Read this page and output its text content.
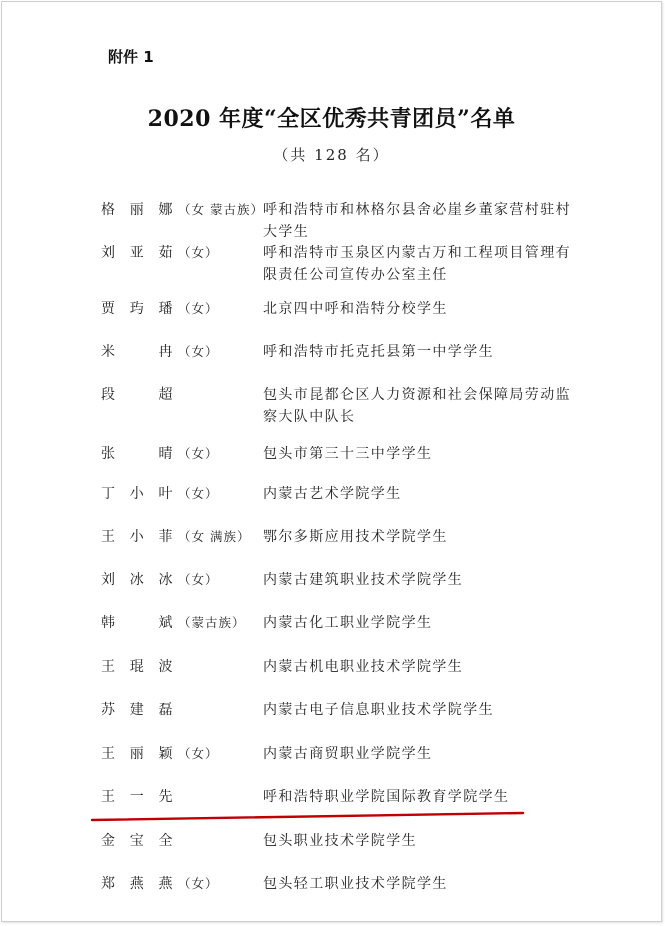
附件 1
2020 年度“全区优秀共青团员”名单
（共 128 名）
格丽娜 （女 蒙古族） 呼和浩特市和林格尔县舍必崖乡董家营村驻村大学生
刘亚茹 （女）	呼和浩特市玉泉区内蒙古万和工程项目管理有限责任公司宣传办公室主任
贾玙璠 （女）	北京四中呼和浩特分校学生
米冉 （女）	呼和浩特市托克托县第一中学学生
段超	包头市昆都仑区人力资源和社会保障局劳动监察大队中队长
张晴 （女）	包头市第三十三中学学生
丁小叶 （女）	内蒙古艺术学院学生
王小菲 （女 满族） 鄂尔多斯应用技术学院学生
刘冰冰 （女）	内蒙古建筑职业技术学院学生
韩斌 （蒙古族）	内蒙古化工职业学院学生
王琨波	内蒙古机电职业技术学院学生
苏建磊	内蒙古电子信息职业技术学院学生
王丽颖 （女）	内蒙古商贸职业学院学生
王一先	呼和浩特职业学院国际教育学院学生
金宝全	包头职业技术学院学生
郑燕燕 （女）	包头轻工职业技术学院学生
